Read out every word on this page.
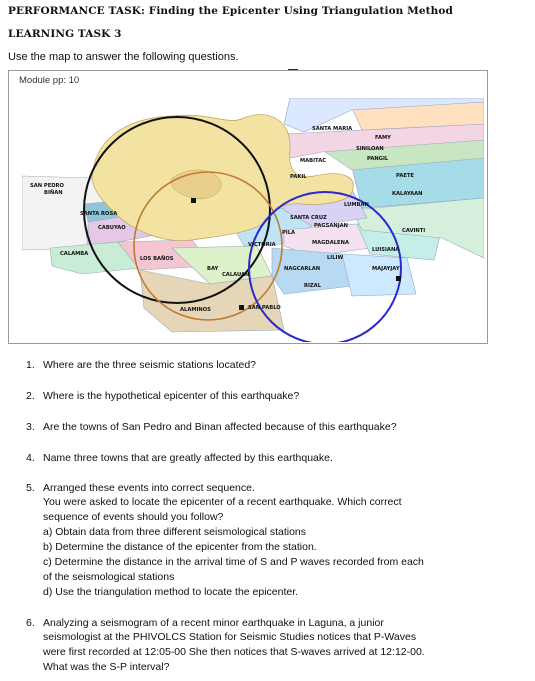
PERFORMANCE TASK: Finding the Epicenter Using Triangulation Method
LEARNING TASK 3
Use the map to answer the following questions.
Module pp: 10
SANTA MARIA
FAMY
SINILOAN
MABITAC	PANGIL
PAETE
PAKIL
KALAYAAN
SAN PEDRO
BIÑAN
LUMBAN
SANTA ROSA
CABUYAO
SANTA CRUZ
PAGSANJAN
CAVINTI
PILA
VICTORIA	MAGDALENA
LUISIANA
CALAMBA
LOS BAÑOS	LILIW
BAY	NAGCARLAN	MAJAYJAY
CALAUAN
RIZAL
ALAMINOS	SAN PABLO
1. Where are the three seismic stations located?
2. Where is the hypothetical epicenter of this earthquake?
3. Are the towns of San Pedro and Binan affected because of this earthquake?
4. Name three towns that are greatly affected by this earthquake.
5. Arranged these events into correct sequence.
You were asked to locate the epicenter of a recent earthquake. Which correct
sequence of events should you follow?
a) Obtain data from three different seismological stations
b) Determine the distance of the epicenter from the station.
c) Determine the distance in the arrival time of S and P waves recorded from each
of the seismological stations
d) Use the triangulation method to locate the epicenter.
6. Analyzing a seismogram of a recent minor earthquake in Laguna, a junior
seismologist at the PHIVOLCS Station for Seismic Studies notices that P-Waves
were first recorded at 12:05-00 She then notices that S-waves arrived at 12:12-00.
What was the S-P interval?
